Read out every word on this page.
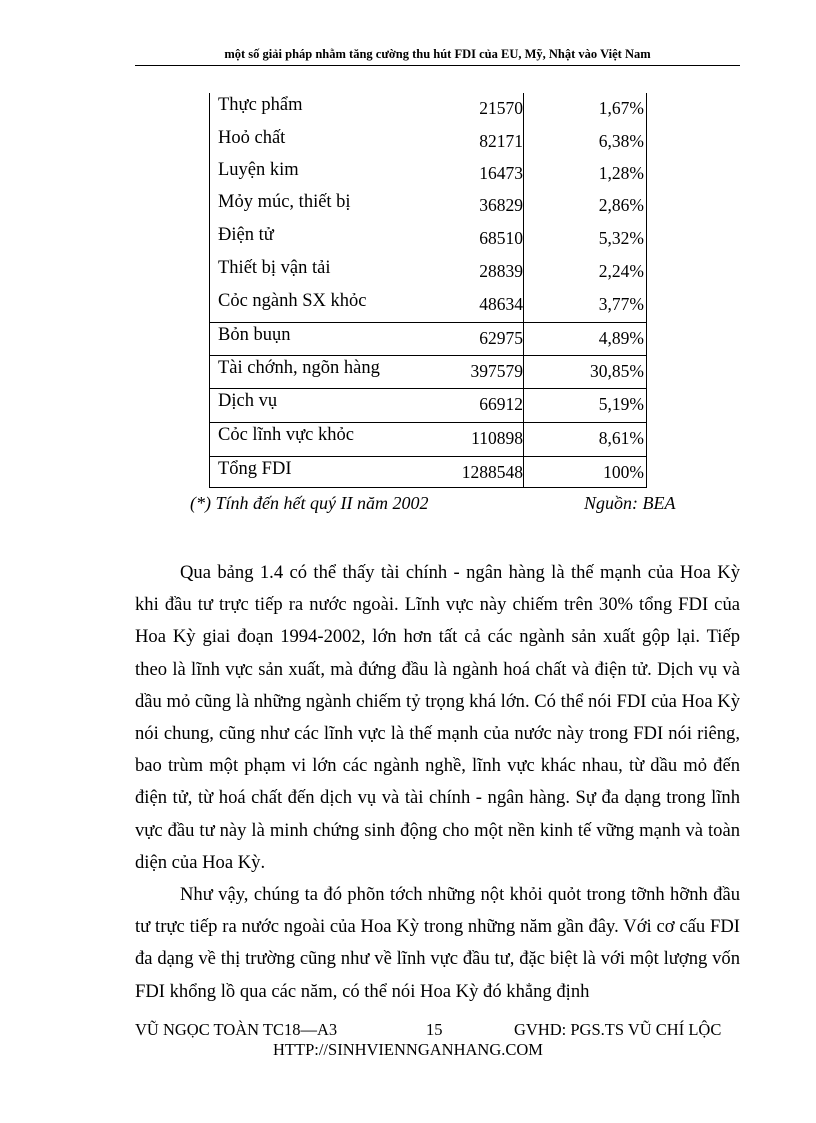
một số giải pháp nhằm tăng cường thu hút FDI của EU, Mỹ, Nhật vào Việt Nam
Thực phẩm	21570	1,67%
Hoỏ chất	82171	6,38%
Luyện kim	16473	1,28%
Mỏy múc, thiết bị	36829	2,86%
Điện tử	68510	5,32%
Thiết bị vận tải	28839	2,24%
Cỏc ngành SX khỏc	48634	3,77%
Bỏn buụn	62975	4,89%
Tài chớnh, ngõn hàng	397579	30,85%
Dịch vụ	66912	5,19%
Cỏc lĩnh vực khỏc	110898	8,61%
Tổng FDI	1288548	100%
(*) Tính đến hết quý II năm 2002	Nguồn: BEA

Qua bảng 1.4 có thể thấy tài chính - ngân hàng là thế mạnh của Hoa Kỳ khi đầu tư trực tiếp ra nước ngoài. Lĩnh vực này chiếm trên 30% tổng FDI của Hoa Kỳ giai đoạn 1994-2002, lớn hơn tất cả các ngành sản xuất gộp lại. Tiếp theo là lĩnh vực sản xuất, mà đứng đầu là ngành hoá chất và điện tử. Dịch vụ và dầu mỏ cũng là những ngành chiếm tỷ trọng khá lớn. Có thể nói FDI của Hoa Kỳ nói chung, cũng như các lĩnh vực là thế mạnh của nước này trong FDI nói riêng, bao trùm một phạm vi lớn các ngành nghề, lĩnh vực khác nhau, từ dầu mỏ đến điện tử, từ hoá chất đến dịch vụ và tài chính - ngân hàng. Sự đa dạng trong lĩnh vực đầu tư này là minh chứng sinh động cho một nền kinh tế vững mạnh và toàn diện của Hoa Kỳ.

Như vậy, chúng ta đó phõn tớch những nột khỏi quỏt trong tỡnh hỡnh đầu tư trực tiếp ra nước ngoài của Hoa Kỳ trong những năm gần đây. Với cơ cấu FDI đa dạng về thị trường cũng như về lĩnh vực đầu tư, đặc biệt là với một lượng vốn FDI khổng lồ qua các năm, có thể nói Hoa Kỳ đó khẳng định

VŨ NGỌC TOÀN TC18—A3	15	GVHD: PGS.TS VŨ CHÍ LỘC
HTTP://SINHVIENNGANHANG.COM
